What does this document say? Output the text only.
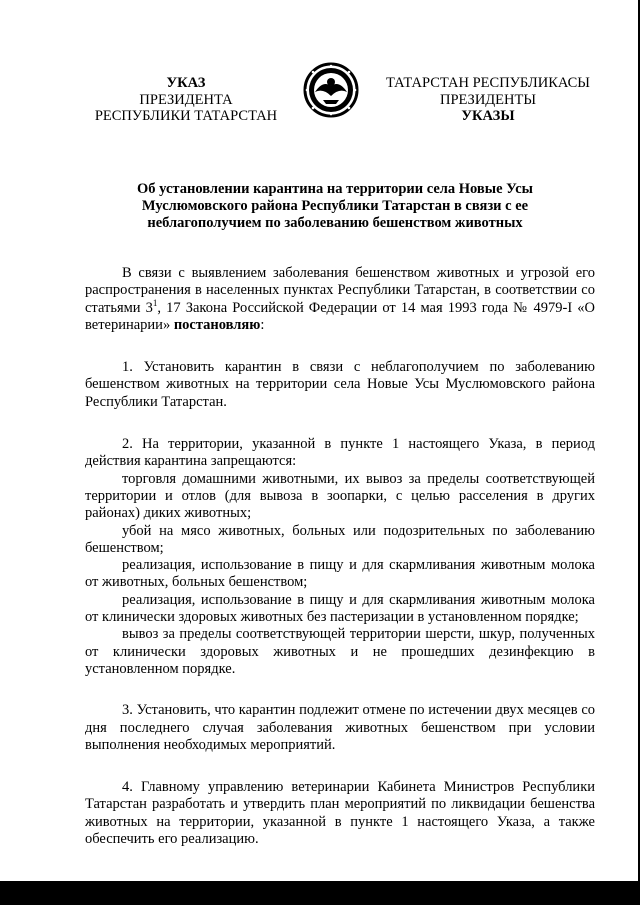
УКАЗ
ПРЕЗИДЕНТА
РЕСПУБЛИКИ ТАТАРСТАН
ТАТАРСТАН РЕСПУБЛИКАСЫ
ПРЕЗИДЕНТЫ
УКАЗЫ
Об установлении карантина на территории села Новые Усы
Муслюмовского района Республики Татарстан в связи с ее
неблагополучием по заболеванию бешенством животных

В связи с выявлением заболевания бешенством животных и угрозой его распространения в населенных пунктах Республики Татарстан, в соответствии со статьями $3^1$, 17 Закона Российской Федерации от 14 мая 1993 года № 4979-I «О ветеринарии» постановляю:

1. Установить карантин в связи с неблагополучием по заболеванию бешенством животных на территории села Новые Усы Муслюмовского района Республики Татарстан.

2. На территории, указанной в пункте 1 настоящего Указа, в период действия карантина запрещаются:

торговля домашними животными, их вывоз за пределы соответствующей территории и отлов (для вывоза в зоопарки, с целью расселения в других районах) диких животных;

убой на мясо животных, больных или подозрительных по заболеванию бешенством;

реализация, использование в пищу и для скармливания животным молока от животных, больных бешенством;

реализация, использование в пищу и для скармливания животным молока от клинически здоровых животных без пастеризации в установленном порядке;

вывоз за пределы соответствующей территории шерсти, шкур, полученных от клинически здоровых животных и не прошедших дезинфекцию в установленном порядке.

3. Установить, что карантин подлежит отмене по истечении двух месяцев со дня последнего случая заболевания животных бешенством при условии выполнения необходимых мероприятий.

4. Главному управлению ветеринарии Кабинета Министров Республики Татарстан разработать и утвердить план мероприятий по ликвидации бешенства животных на территории, указанной в пункте 1 настоящего Указа, а также обеспечить его реализацию.
